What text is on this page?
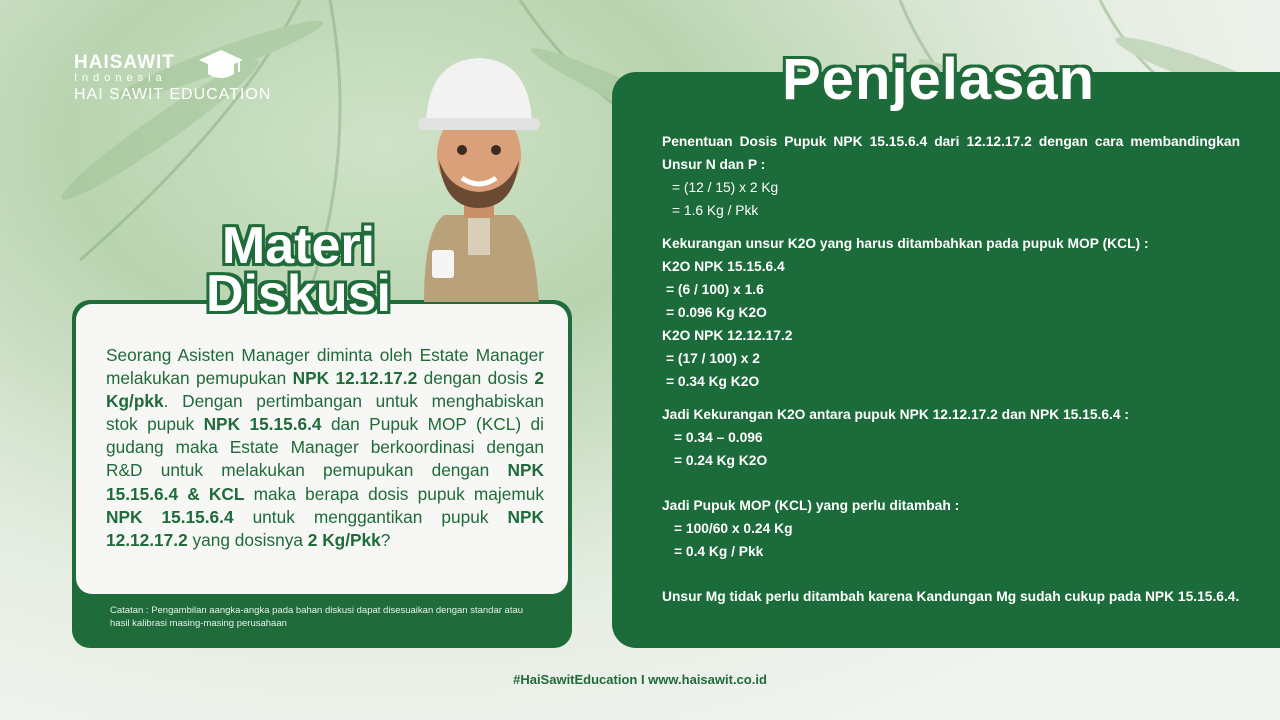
HAISAWIT
Indonesia
HAI SAWIT EDUCATION
Seorang Asisten Manager diminta oleh Estate Manager melakukan pemupukan NPK 12.12.17.2 dengan dosis 2 Kg/pkk. Dengan pertimbangan untuk menghabiskan stok pupuk NPK 15.15.6.4 dan Pupuk MOP (KCL) di gudang maka Estate Manager berkoordinasi dengan R&D untuk melakukan pemupukan dengan NPK 15.15.6.4 & KCL maka berapa dosis pupuk majemuk NPK 15.15.6.4 untuk menggantikan pupuk NPK 12.12.17.2 yang dosisnya 2 Kg/Pkk?
Catatan : Pengambilan aangka-angka pada bahan diskusi dapat disesuaikan dengan standar atau hasil kalibrasi masing-masing perusahaan
Materi
Diskusi
Penjelasan
Penentuan Dosis Pupuk NPK 15.15.6.4 dari 12.12.17.2 dengan cara membandingkan Unsur N dan P :
= (12 / 15) x 2 Kg
= 1.6 Kg / Pkk
Kekurangan unsur K2O yang harus ditambahkan pada pupuk MOP (KCL) :
K2O NPK 15.15.6.4
= (6 / 100) x 1.6
= 0.096 Kg K2O
K2O NPK 12.12.17.2
= (17 / 100) x 2
= 0.34 Kg K2O
Jadi Kekurangan K2O antara pupuk NPK 12.12.17.2 dan NPK 15.15.6.4 :
= 0.34 – 0.096
= 0.24 Kg K2O
Jadi Pupuk MOP (KCL) yang perlu ditambah :
= 100/60 x 0.24 Kg
= 0.4 Kg / Pkk
Unsur Mg tidak perlu ditambah karena Kandungan Mg sudah cukup pada NPK 15.15.6.4.
#HaiSawitEducation I www.haisawit.co.id
